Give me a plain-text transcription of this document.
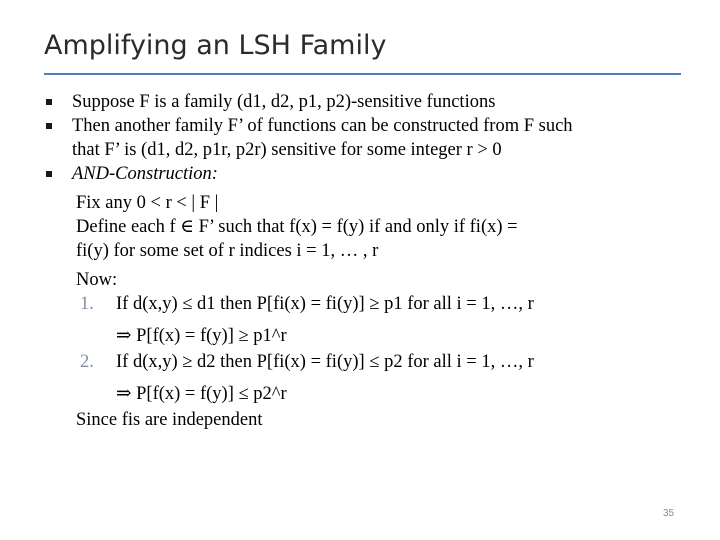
Amplifying an LSH Family
Suppose F is a family (d1, d2, p1, p2)-sensitive functions
Then another family F’ of functions can be constructed from F such
that F’ is (d1, d2, p1r, p2r) sensitive for some integer r > 0
AND-Construction:
Fix any 0 < r < | F |
Define each f ∈ F’ such that f(x) = f(y) if and only if fi(x) =
fi(y) for some set of r indices i = 1, … , r
Now:
1. If d(x,y) ≤ d1 then P[fi(x) = fi(y)] ≥ p1 for all i = 1, …, r
⇒ P[f(x) = f(y)] ≥ p1^r
2. If d(x,y) ≥ d2 then P[fi(x) = fi(y)] ≤ p2 for all i = 1, …, r
⇒ P[f(x) = f(y)] ≤ p2^r
Since fis are independent
35
